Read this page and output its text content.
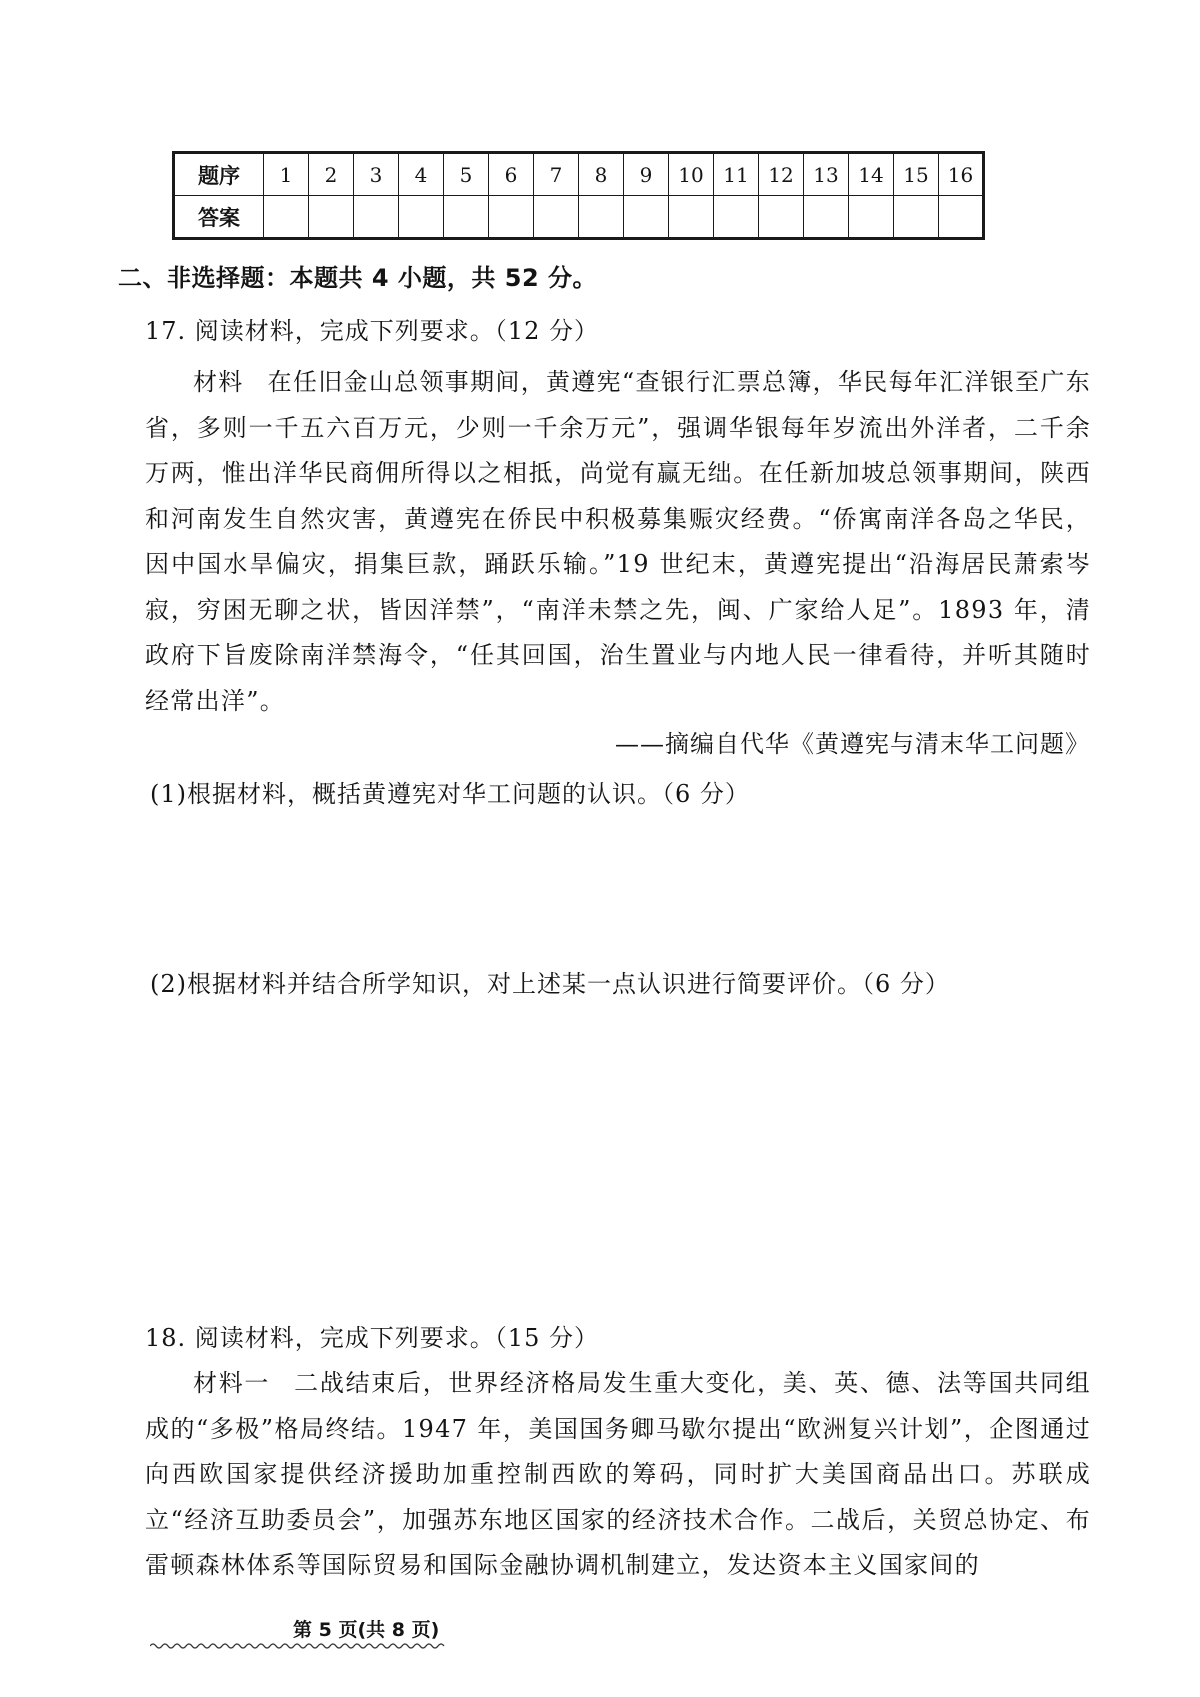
题序	1	2	3	4	5	6	7	8	9	10	11	12	13	14	15	16
答案																
二、非选择题：本题共 4 小题，共 52 分。
17. 阅读材料，完成下列要求。（12 分）

材料 在任旧金山总领事期间，黄遵宪“查银行汇票总簿，华民每年汇洋银至广东省，多则一千五六百万元，少则一千余万元”，强调华银每年岁流出外洋者，二千余万两，惟出洋华民商佣所得以之相抵，尚觉有赢无绌。在任新加坡总领事期间，陕西和河南发生自然灾害，黄遵宪在侨民中积极募集赈灾经费。“侨寓南洋各岛之华民，因中国水旱偏灾，捐集巨款，踊跃乐输。”19 世纪末，黄遵宪提出“沿海居民萧索岑寂，穷困无聊之状，皆因洋禁”，“南洋未禁之先，闽、广家给人足”。1893 年，清政府下旨废除南洋禁海令，“任其回国，治生置业与内地人民一律看待，并听其随时经常出洋”。

——摘编自代华《黄遵宪与清末华工问题》
(1)根据材料，概括黄遵宪对华工问题的认识。（6 分）
(2)根据材料并结合所学知识，对上述某一点认识进行简要评价。（6 分）
18. 阅读材料，完成下列要求。（15 分）

材料一 二战结束后，世界经济格局发生重大变化，美、英、德、法等国共同组成的“多极”格局终结。1947 年，美国国务卿马歇尔提出“欧洲复兴计划”，企图通过向西欧国家提供经济援助加重控制西欧的筹码，同时扩大美国商品出口。苏联成立“经济互助委员会”，加强苏东地区国家的经济技术合作。二战后，关贸总协定、布雷顿森林体系等国际贸易和国际金融协调机制建立，发达资本主义国家间的

第 5 页(共 8 页)
